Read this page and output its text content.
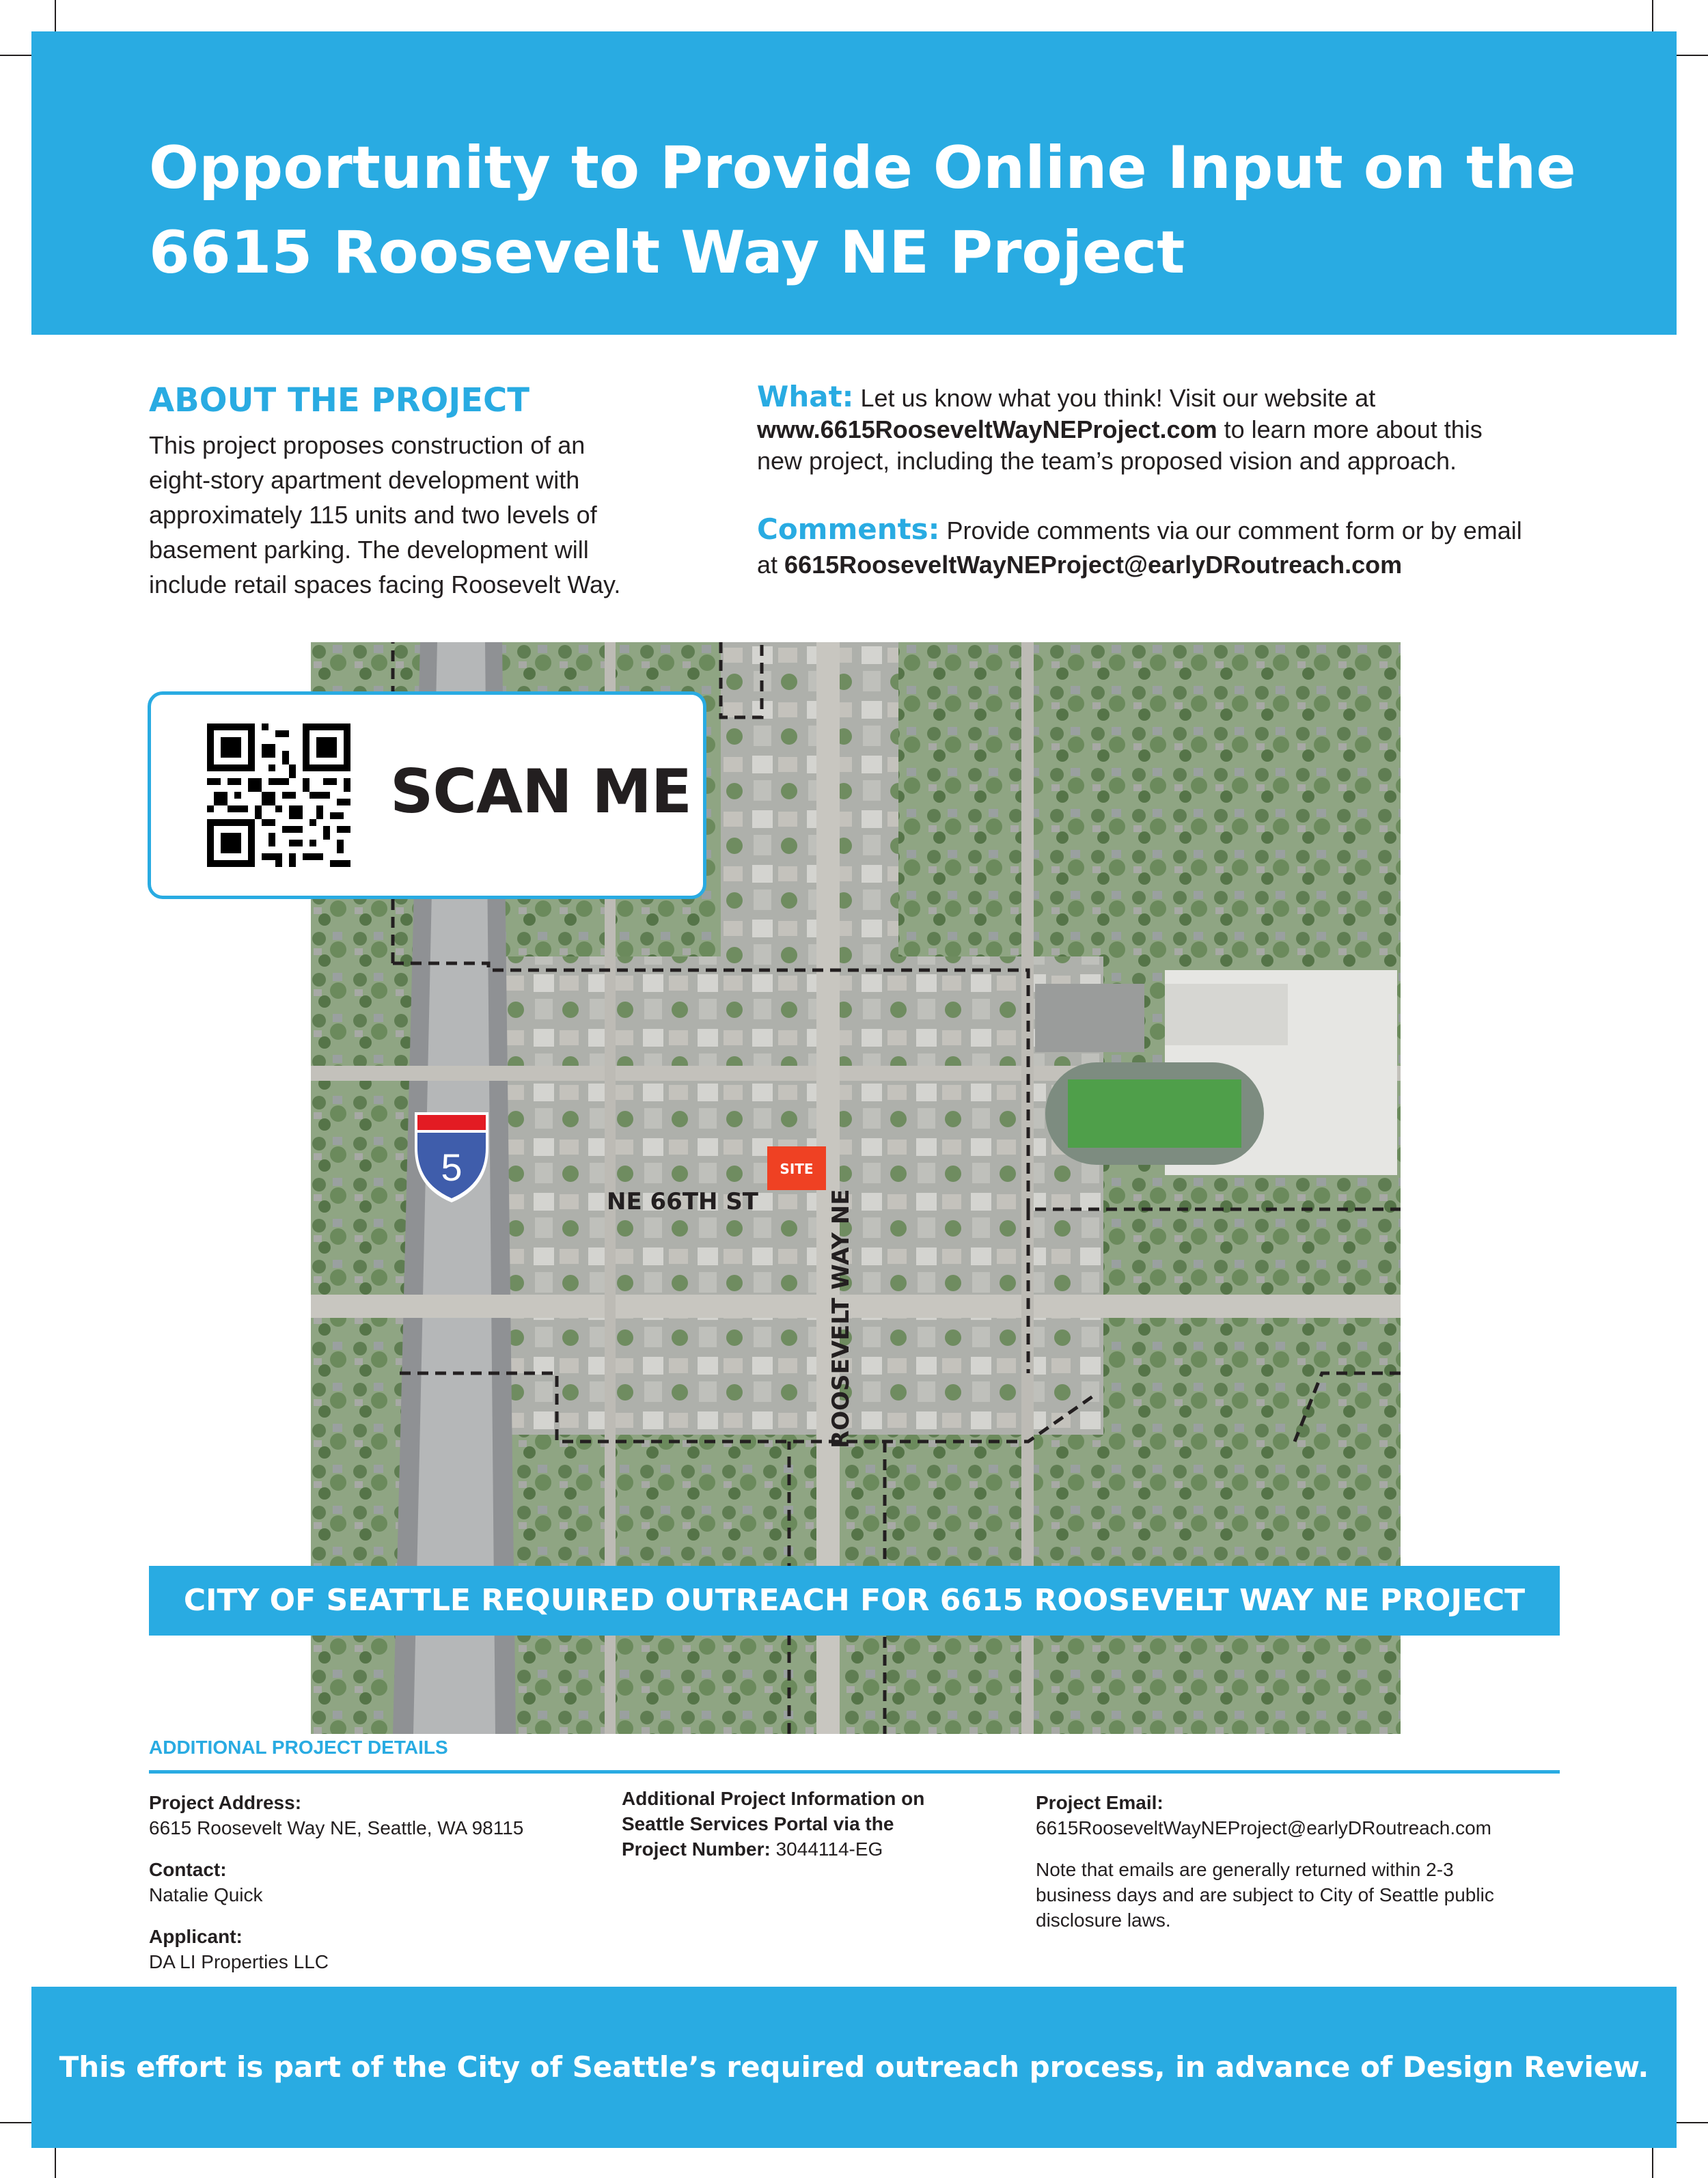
Opportunity to Provide Online Input on the
6615 Roosevelt Way NE Project
ABOUT THE PROJECT
This project proposes construction of an
eight-story apartment development with
approximately 115 units and two levels of
basement parking. The development will
include retail spaces facing Roosevelt Way.
What: Let us know what you think! Visit our website at
www.6615RooseveltWayNEProject.com to learn more about this
new project, including the team’s proposed vision and approach.
Comments: Provide comments via our comment form or by email
at 6615RooseveltWayNEProject@earlyDRoutreach.com
SITE
NE 66TH ST	ROOSEVELT WAY NE
5
SCAN ME
CITY OF SEATTLE REQUIRED OUTREACH FOR 6615 ROOSEVELT WAY NE PROJECT
ADDITIONAL PROJECT DETAILS
Project Address:
6615 Roosevelt Way NE, Seattle, WA 98115
Contact:
Natalie Quick
Applicant:
DA LI Properties LLC
Additional Project Information on
Seattle Services Portal via the
Project Number: 3044114-EG
Project Email:
6615RooseveltWayNEProject@earlyDRoutreach.com
Note that emails are generally returned within 2-3
business days and are subject to City of Seattle public
disclosure laws.
This effort is part of the City of Seattle’s required outreach process, in advance of Design Review.
